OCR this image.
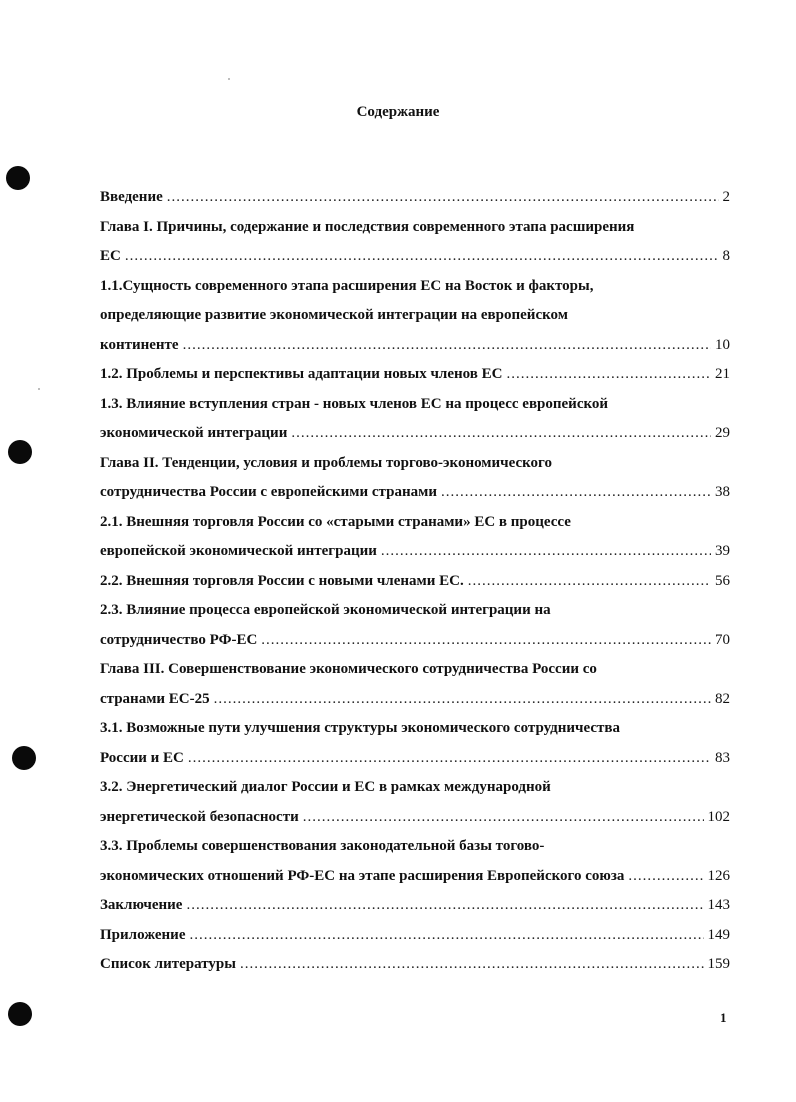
Содержание
Введение .....	2
Глава I. Причины, содержание и последствия современного этапа расширения
ЕС .....	8
1.1.Сущность современного этапа расширения ЕС на Восток и факторы,
определяющие развитие экономической интеграции на европейском
континенте .....	10
1.2. Проблемы и перспективы адаптации новых членов ЕС .....	21
1.3. Влияние вступления стран - новых членов ЕС на процесс европейской
экономической интеграции .....	29
Глава II. Тенденции, условия и проблемы торгово-экономического
сотрудничества России с европейскими странами .....	38
2.1. Внешняя торговля России со «старыми странами» ЕС в процессе
европейской экономической интеграции .....	39
2.2. Внешняя торговля России с новыми членами ЕС. .....	56
2.3. Влияние процесса европейской экономической интеграции на
сотрудничество РФ-ЕС .....	70
Глава III. Совершенствование экономического сотрудничества России со
странами ЕС-25 .....	82
3.1. Возможные пути улучшения структуры экономического сотрудничества
России и ЕС .....	83
3.2. Энергетический диалог России и ЕС в рамках международной
энергетической безопасности .....	102
3.3. Проблемы совершенствования законодательной базы тогово-
экономических отношений РФ-ЕС на этапе расширения Европейского союза .....	126
Заключение .....	143
Приложение .....	149
Список литературы .....	159
1
